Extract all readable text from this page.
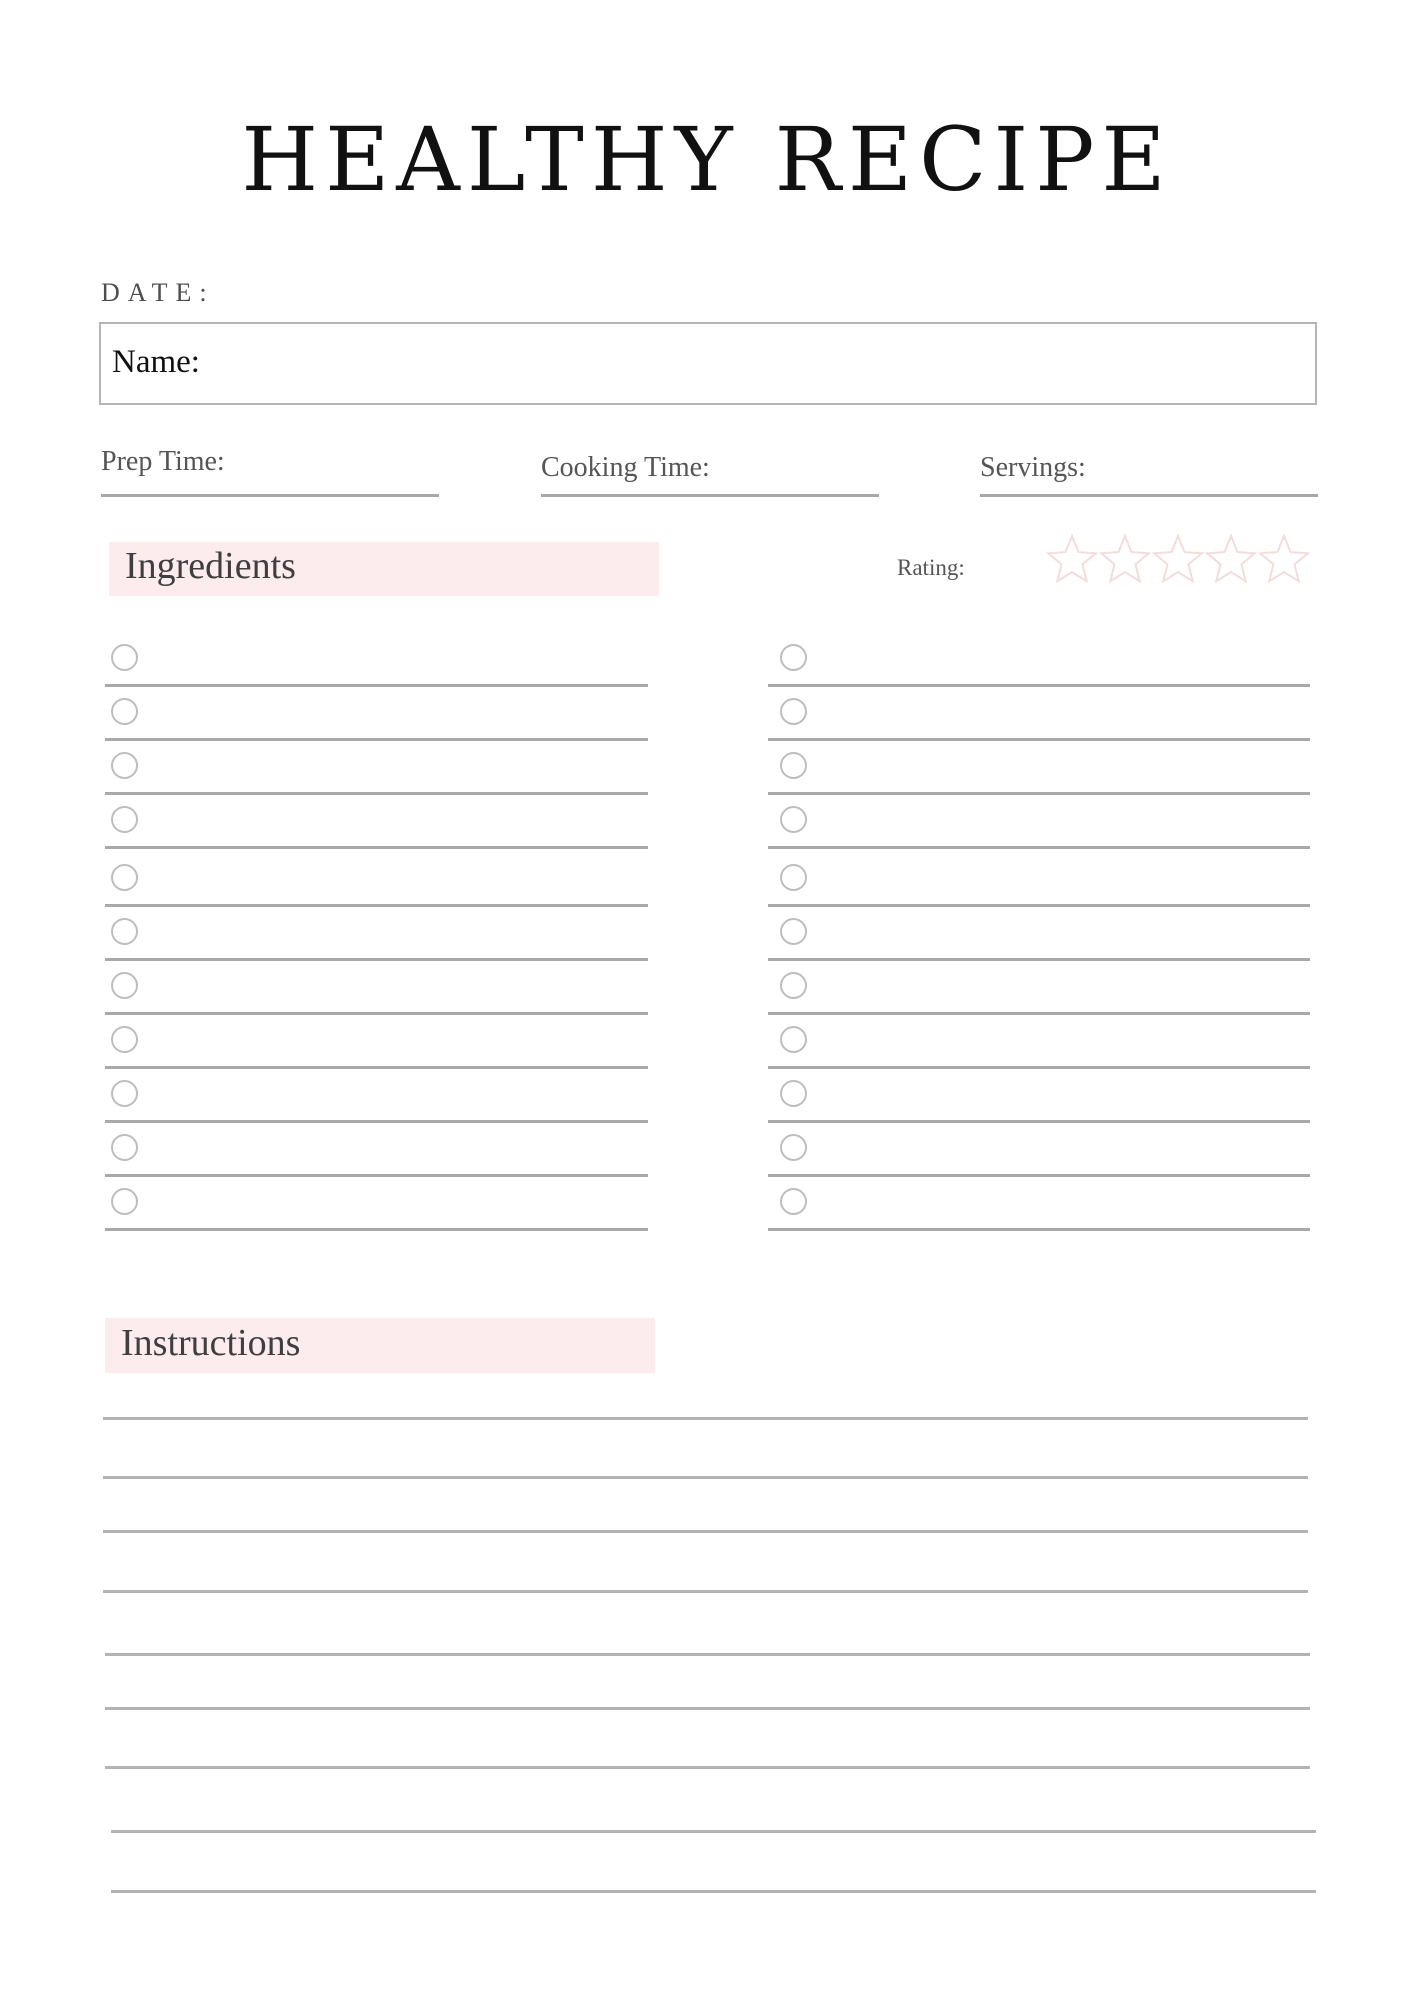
HEALTHY RECIPE
DATE:
Name:
Prep Time:	Cooking Time:	Servings:
Ingredients	Rating:
Instructions
